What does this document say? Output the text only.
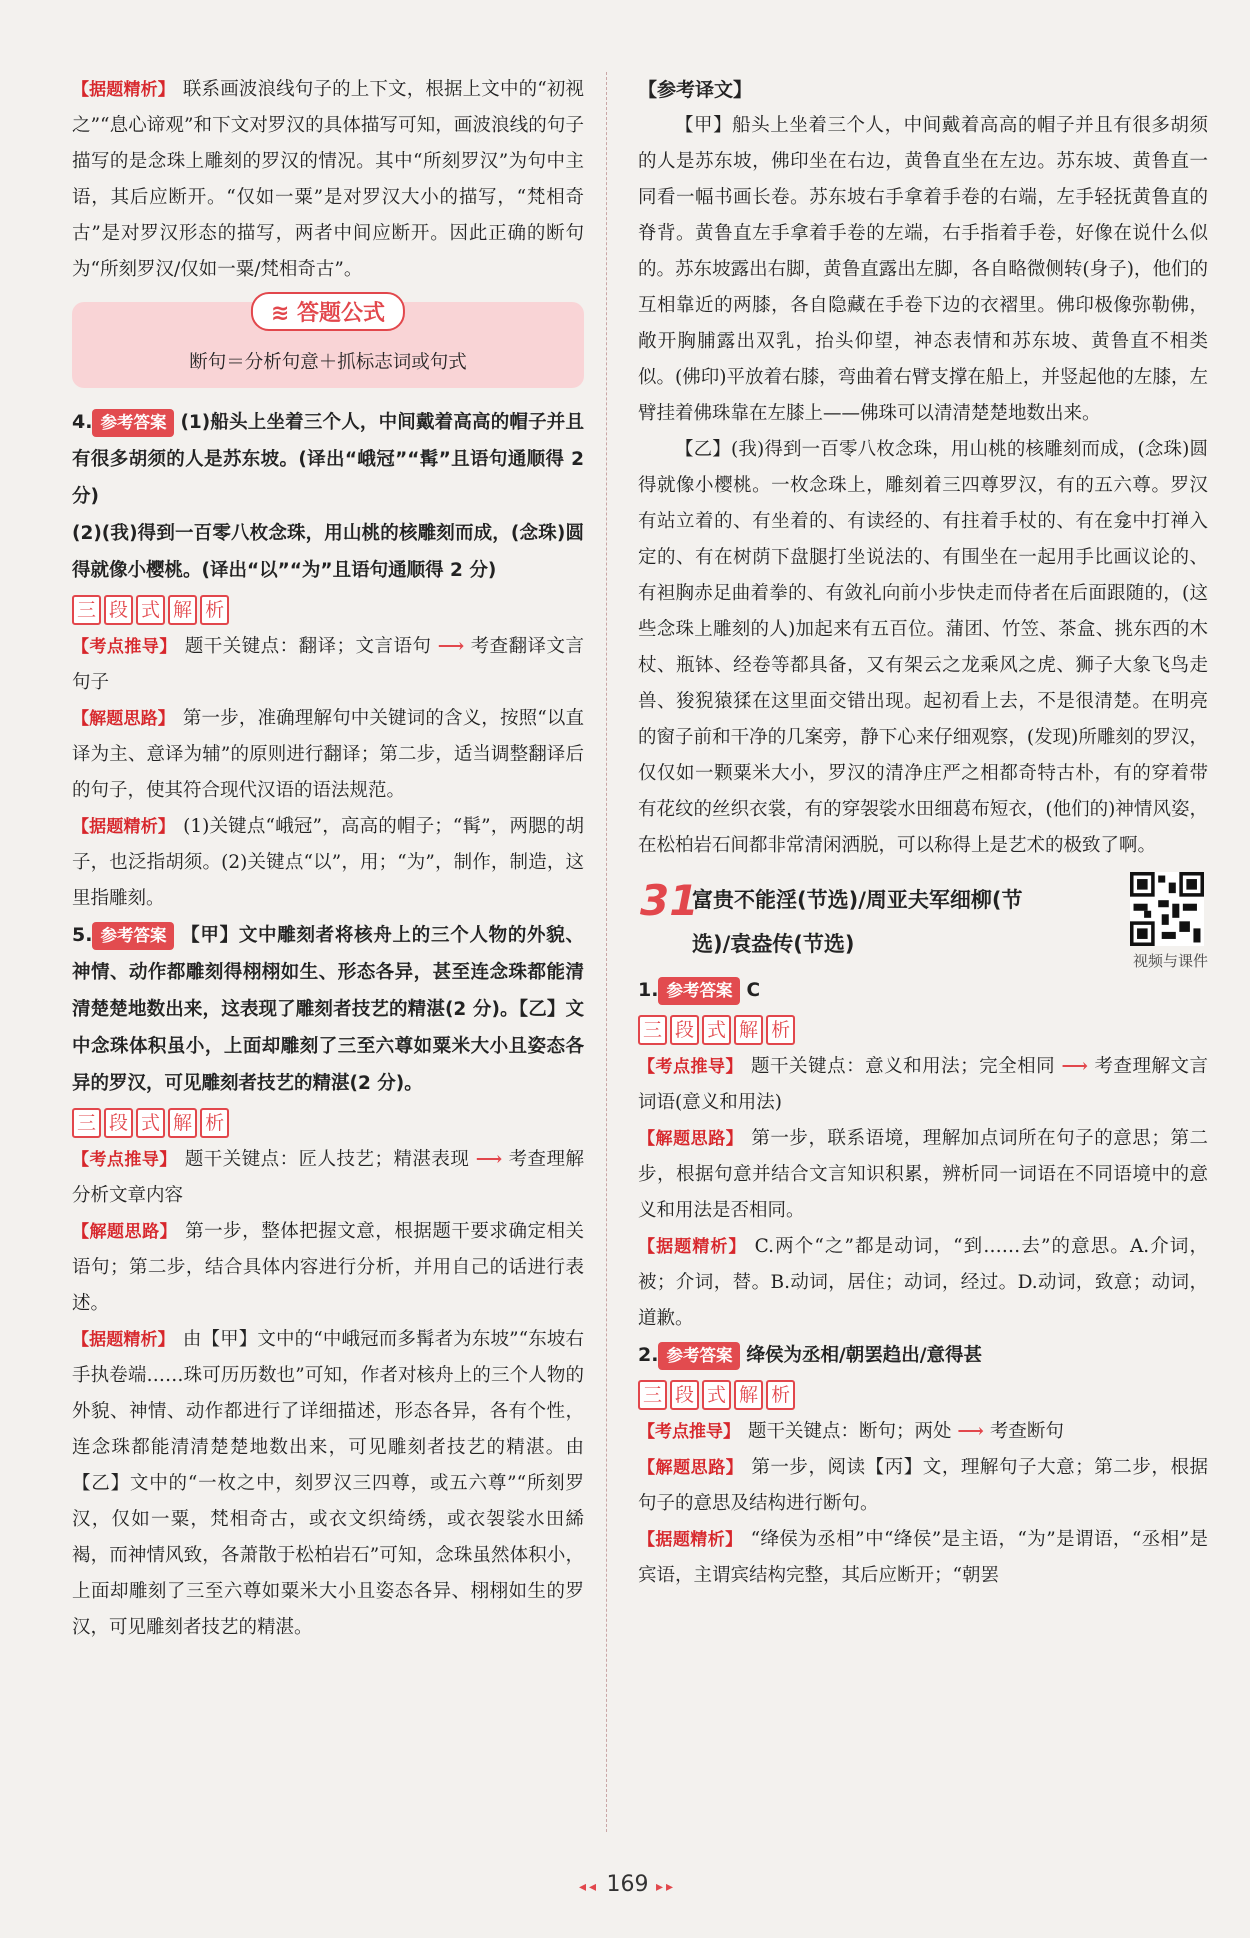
【据题精析】 联系画波浪线句子的上下文，根据上文中的“初视之”“息心谛观”和下文对罗汉的具体描写可知，画波浪线的句子描写的是念珠上雕刻的罗汉的情况。其中“所刻罗汉”为句中主语，其后应断开。“仅如一粟”是对罗汉大小的描写，“梵相奇古”是对罗汉形态的描写，两者中间应断开。因此正确的断句为“所刻罗汉/仅如一粟/梵相奇古”。

≋ 答题公式
断句＝分析句意＋抓标志词或句式

4. 参考答案 (1)船头上坐着三个人，中间戴着高高的帽子并且有很多胡须的人是苏东坡。(译出“峨冠”“髯”且语句通顺得 2 分)

(2)(我)得到一百零八枚念珠，用山桃的核雕刻而成，(念珠)圆得就像小樱桃。(译出“以”“为”且语句通顺得 2 分)

三 段 式 解 析

【考点推导】 题干关键点：翻译；文言语句 ⟶ 考查翻译文言句子

【解题思路】 第一步，准确理解句中关键词的含义，按照“以直译为主、意译为辅”的原则进行翻译；第二步，适当调整翻译后的句子，使其符合现代汉语的语法规范。

【据题精析】 (1)关键点“峨冠”，高高的帽子；“髯”，两腮的胡子，也泛指胡须。(2)关键点“以”，用；“为”，制作，制造，这里指雕刻。

5. 参考答案 【甲】文中雕刻者将核舟上的三个人物的外貌、神情、动作都雕刻得栩栩如生、形态各异，甚至连念珠都能清清楚楚地数出来，这表现了雕刻者技艺的精湛(2 分)。【乙】文中念珠体积虽小，上面却雕刻了三至六尊如粟米大小且姿态各异的罗汉，可见雕刻者技艺的精湛(2 分)。

三 段 式 解 析

【考点推导】 题干关键点：匠人技艺；精湛表现 ⟶ 考查理解分析文章内容

【解题思路】 第一步，整体把握文意，根据题干要求确定相关语句；第二步，结合具体内容进行分析，并用自己的话进行表述。

【据题精析】 由【甲】文中的“中峨冠而多髯者为东坡”“东坡右手执卷端……珠可历历数也”可知，作者对核舟上的三个人物的外貌、神情、动作都进行了详细描述，形态各异，各有个性，连念珠都能清清楚楚地数出来，可见雕刻者技艺的精湛。由【乙】文中的“一枚之中，刻罗汉三四尊，或五六尊”“所刻罗汉，仅如一粟，梵相奇古，或衣文织绮绣，或衣袈裟水田絺褐，而神情风致，各萧散于松柏岩石”可知，念珠虽然体积小，上面却雕刻了三至六尊如粟米大小且姿态各异、栩栩如生的罗汉，可见雕刻者技艺的精湛。

【参考译文】

【甲】船头上坐着三个人，中间戴着高高的帽子并且有很多胡须的人是苏东坡，佛印坐在右边，黄鲁直坐在左边。苏东坡、黄鲁直一同看一幅书画长卷。苏东坡右手拿着手卷的右端，左手轻抚黄鲁直的脊背。黄鲁直左手拿着手卷的左端，右手指着手卷，好像在说什么似的。苏东坡露出右脚，黄鲁直露出左脚，各自略微侧转(身子)，他们的互相靠近的两膝，各自隐藏在手卷下边的衣褶里。佛印极像弥勒佛，敞开胸脯露出双乳，抬头仰望，神态表情和苏东坡、黄鲁直不相类似。(佛印)平放着右膝，弯曲着右臂支撑在船上，并竖起他的左膝，左臂挂着佛珠靠在左膝上——佛珠可以清清楚楚地数出来。

【乙】(我)得到一百零八枚念珠，用山桃的核雕刻而成，(念珠)圆得就像小樱桃。一枚念珠上，雕刻着三四尊罗汉，有的五六尊。罗汉有站立着的、有坐着的、有读经的、有拄着手杖的、有在龛中打禅入定的、有在树荫下盘腿打坐说法的、有围坐在一起用手比画议论的、有袒胸赤足曲着拳的、有敛礼向前小步快走而侍者在后面跟随的，(这些念珠上雕刻的人)加起来有五百位。蒲团、竹笠、茶盒、挑东西的木杖、瓶钵、经卷等都具备，又有架云之龙乘风之虎、狮子大象飞鸟走兽、狻猊猿猱在这里面交错出现。起初看上去，不是很清楚。在明亮的窗子前和干净的几案旁，静下心来仔细观察，(发现)所雕刻的罗汉，仅仅如一颗粟米大小，罗汉的清净庄严之相都奇特古朴，有的穿着带有花纹的丝织衣裳，有的穿袈裟水田细葛布短衣，(他们的)神情风姿，在松柏岩石间都非常清闲洒脱，可以称得上是艺术的极致了啊。

31
富贵不能淫(节选)/周亚夫军细柳(节选)/袁盎传(节选)
视频与课件

1. 参考答案 C

三 段 式 解 析

【考点推导】 题干关键点：意义和用法；完全相同 ⟶ 考查理解文言词语(意义和用法)

【解题思路】 第一步，联系语境，理解加点词所在句子的意思；第二步，根据句意并结合文言知识积累，辨析同一词语在不同语境中的意义和用法是否相同。

【据题精析】 C.两个“之”都是动词，“到……去”的意思。A.介词，被；介词，替。B.动词，居住；动词，经过。D.动词，致意；动词，道歉。

2. 参考答案 绛侯为丞相/朝罢趋出/意得甚

三 段 式 解 析

【考点推导】 题干关键点：断句；两处 ⟶ 考查断句

【解题思路】 第一步，阅读【丙】文，理解句子大意；第二步，根据句子的意思及结构进行断句。

【据题精析】 “绛侯为丞相”中“绛侯”是主语，“为”是谓语，“丞相”是宾语，主谓宾结构完整，其后应断开；“朝罢

◂◂ 169 ▸▸
